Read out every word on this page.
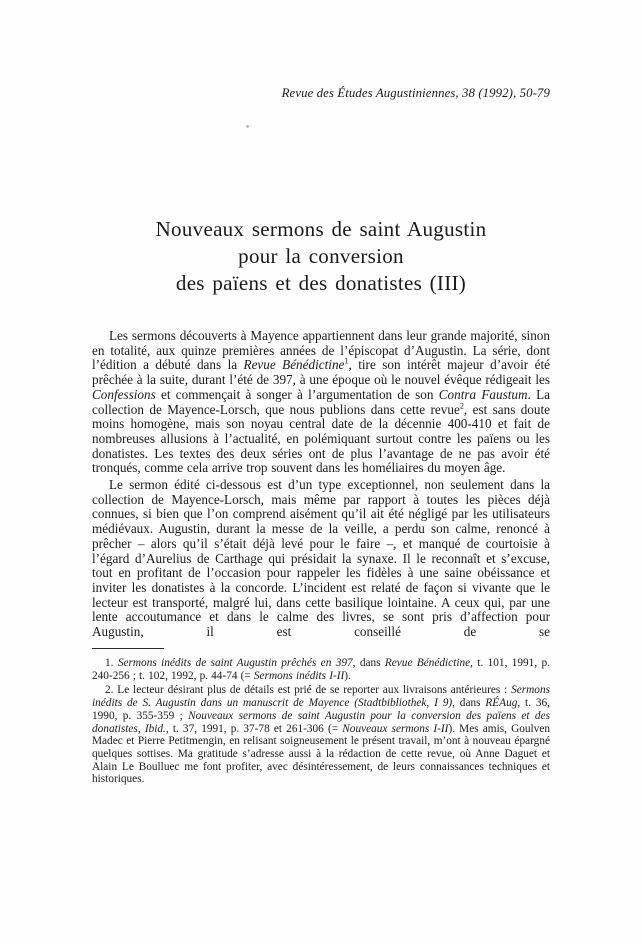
Revue des Études Augustiniennes, 38 (1992), 50-79
Nouveaux sermons de saint Augustin
pour la conversion
des païens et des donatistes (III)

Les sermons découverts à Mayence appartiennent dans leur grande majorité, sinon en totalité, aux quinze premières années de l’épiscopat d’Augustin. La série, dont l’édition a débuté dans la Revue Bénédictine$^1$, tire son intérêt majeur d’avoir été prêchée à la suite, durant l’été de 397, à une époque où le nouvel évêque rédigeait les Confessions et commençait à songer à l’argumentation de son Contra Faustum. La collection de Mayence-Lorsch, que nous publions dans cette revue$^2$, est sans doute moins homogène, mais son noyau central date de la décennie 400-410 et fait de nombreuses allusions à l’actualité, en polémiquant surtout contre les païens ou les donatistes. Les textes des deux séries ont de plus l’avantage de ne pas avoir été tronqués, comme cela arrive trop souvent dans les homéliaires du moyen âge.

Le sermon édité ci-dessous est d’un type exceptionnel, non seulement dans la collection de Mayence-Lorsch, mais même par rapport à toutes les pièces déjà connues, si bien que l’on comprend aisément qu’il ait été négligé par les utilisateurs médiévaux. Augustin, durant la messe de la veille, a perdu son calme, renoncé à prêcher – alors qu’il s’était déjà levé pour le faire –, et manqué de courtoisie à l’égard d’Aurelius de Carthage qui présidait la synaxe. Il le reconnaît et s’excuse, tout en profitant de l’occasion pour rappeler les fidèles à une saine obéissance et inviter les donatistes à la concorde. L’incident est relaté de façon si vivante que le lecteur est transporté, malgré lui, dans cette basilique lointaine. A ceux qui, par une lente accoutumance et dans le calme des livres, se sont pris d’affection pour Augustin, il est conseillé de se

1. Sermons inédits de saint Augustin prêchés en 397, dans Revue Bénédictine, t. 101, 1991, p. 240-256 ; t. 102, 1992, p. 44-74 (= Sermons inédits I-II).

2. Le lecteur désirant plus de détails est prié de se reporter aux livraisons antérieures : Sermons inédits de S. Augustin dans un manuscrit de Mayence (Stadtbibliothek, I 9), dans RÉAug, t. 36, 1990, p. 355-359 ; Nouveaux sermons de saint Augustin pour la conversion des païens et des donatistes, Ibid., t. 37, 1991, p. 37-78 et 261-306 (= Nouveaux sermons I-II). Mes amis, Goulven Madec et Pierre Petitmengin, en relisant soigneusement le présent travail, m’ont à nouveau épargné quelques sottises. Ma gratitude s’adresse aussi à la rédaction de cette revue, où Anne Daguet et Alain Le Boulluec me font profiter, avec désintéressement, de leurs connaissances techniques et historiques.
